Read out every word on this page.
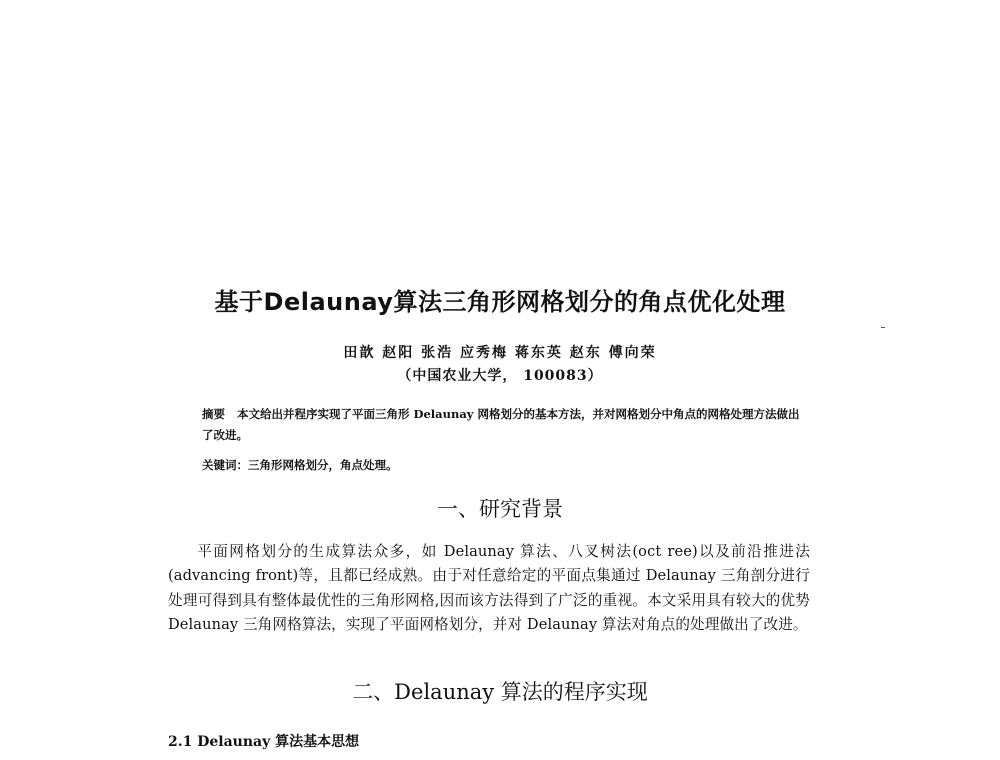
基于Delaunay算法三角形网格划分的角点优化处理
田歆 赵阳 张浩 应秀梅 蒋东英 赵东 傅向荣
（中国农业大学， 100083）
摘要 本文给出并程序实现了平面三角形 Delaunay 网格划分的基本方法，并对网格划分中角点的网格处理方法做出了改进。
关键词：三角形网格划分，角点处理。
一、研究背景
平面网格划分的生成算法众多，如 Delaunay 算法、八叉树法(oct ree)以及前沿推进法(advancing front)等，且都已经成熟。由于对任意给定的平面点集通过 Delaunay 三角剖分进行处理可得到具有整体最优性的三角形网格,因而该方法得到了广泛的重视。本文采用具有较大的优势 Delaunay 三角网格算法，实现了平面网格划分，并对 Delaunay 算法对角点的处理做出了改进。
二、Delaunay 算法的程序实现
2.1 Delaunay 算法基本思想
